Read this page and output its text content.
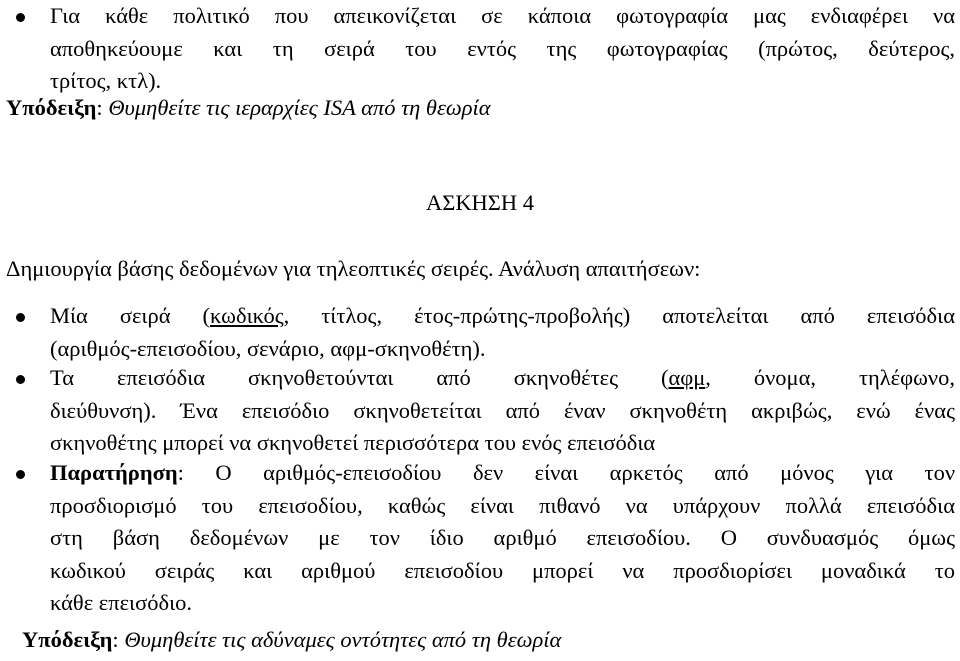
Για κάθε πολιτικό που απεικονίζεται σε κάποια φωτογραφία μας ενδιαφέρει να
αποθηκεύουμε και τη σειρά του εντός της φωτογραφίας (πρώτος, δεύτερος,
τρίτος, κτλ).
Υπόδειξη: Θυμηθείτε τις ιεραρχίες ISA από τη θεωρία
ΑΣΚΗΣΗ 4
Δημιουργία βάσης δεδομένων για τηλεοπτικές σειρές. Ανάλυση απαιτήσεων:
Μία σειρά (κωδικός, τίτλος, έτος-πρώτης-προβολής) αποτελείται από επεισόδια
(αριθμός-επεισοδίου, σενάριο, αφμ-σκηνοθέτη).
Τα επεισόδια σκηνοθετούνται από σκηνοθέτες (αφμ, όνομα, τηλέφωνο,
διεύθυνση). Ένα επεισόδιο σκηνοθετείται από έναν σκηνοθέτη ακριβώς, ενώ ένας
σκηνοθέτης μπορεί να σκηνοθετεί περισσότερα του ενός επεισόδια
Παρατήρηση: Ο αριθμός-επεισοδίου δεν είναι αρκετός από μόνος για τον
προσδιορισμό του επεισοδίου, καθώς είναι πιθανό να υπάρχουν πολλά επεισόδια
στη βάση δεδομένων με τον ίδιο αριθμό επεισοδίου. Ο συνδυασμός όμως
κωδικού σειράς και αριθμού επεισοδίου μπορεί να προσδιορίσει μοναδικά το
κάθε επεισόδιο.
Υπόδειξη: Θυμηθείτε τις αδύναμες οντότητες από τη θεωρία
